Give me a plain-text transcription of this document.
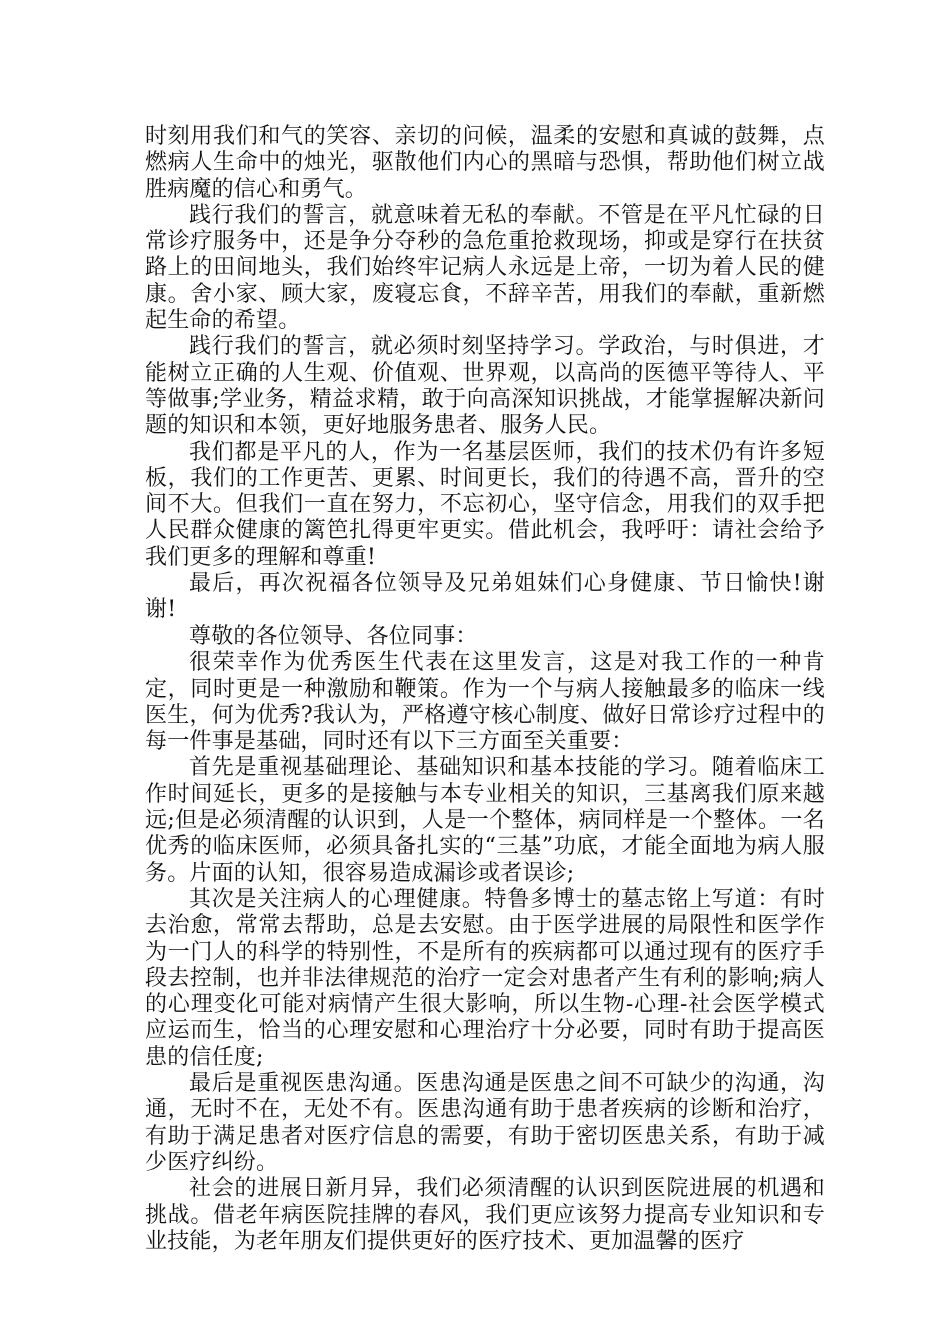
时刻用我们和气的笑容、亲切的问候，温柔的安慰和真诚的鼓舞，点燃病人生命中的烛光，驱散他们内心的黑暗与恐惧，帮助他们树立战胜病魔的信心和勇气。

践行我们的誓言，就意味着无私的奉献。不管是在平凡忙碌的日常诊疗服务中，还是争分夺秒的急危重抢救现场，抑或是穿行在扶贫路上的田间地头，我们始终牢记病人永远是上帝，一切为着人民的健康。舍小家、顾大家，废寝忘食，不辞辛苦，用我们的奉献，重新燃起生命的希望。

践行我们的誓言，就必须时刻坚持学习。学政治，与时俱进，才能树立正确的人生观、价值观、世界观，以高尚的医德平等待人、平等做事;学业务，精益求精，敢于向高深知识挑战，才能掌握解决新问题的知识和本领，更好地服务患者、服务人民。

我们都是平凡的人，作为一名基层医师，我们的技术仍有许多短板，我们的工作更苦、更累、时间更长，我们的待遇不高，晋升的空间不大。但我们一直在努力，不忘初心，坚守信念，用我们的双手把人民群众健康的篱笆扎得更牢更实。借此机会，我呼吁：请社会给予我们更多的理解和尊重!

最后，再次祝福各位领导及兄弟姐妹们心身健康、节日愉快!谢谢!

尊敬的各位领导、各位同事：

很荣幸作为优秀医生代表在这里发言，这是对我工作的一种肯定，同时更是一种激励和鞭策。作为一个与病人接触最多的临床一线医生，何为优秀?我认为，严格遵守核心制度、做好日常诊疗过程中的每一件事是基础，同时还有以下三方面至关重要：

首先是重视基础理论、基础知识和基本技能的学习。随着临床工作时间延长，更多的是接触与本专业相关的知识，三基离我们原来越远;但是必须清醒的认识到，人是一个整体，病同样是一个整体。一名优秀的临床医师，必须具备扎实的“三基”功底，才能全面地为病人服务。片面的认知，很容易造成漏诊或者误诊;

其次是关注病人的心理健康。特鲁多博士的墓志铭上写道：有时去治愈，常常去帮助，总是去安慰。由于医学进展的局限性和医学作为一门人的科学的特别性，不是所有的疾病都可以通过现有的医疗手段去控制，也并非法律规范的治疗一定会对患者产生有利的影响;病人的心理变化可能对病情产生很大影响，所以生物-心理-社会医学模式应运而生，恰当的心理安慰和心理治疗十分必要，同时有助于提高医患的信任度;

最后是重视医患沟通。医患沟通是医患之间不可缺少的沟通，沟通，无时不在，无处不有。医患沟通有助于患者疾病的诊断和治疗，有助于满足患者对医疗信息的需要，有助于密切医患关系，有助于减少医疗纠纷。

社会的进展日新月异，我们必须清醒的认识到医院进展的机遇和挑战。借老年病医院挂牌的春风，我们更应该努力提高专业知识和专业技能，为老年朋友们提供更好的医疗技术、更加温馨的医疗
